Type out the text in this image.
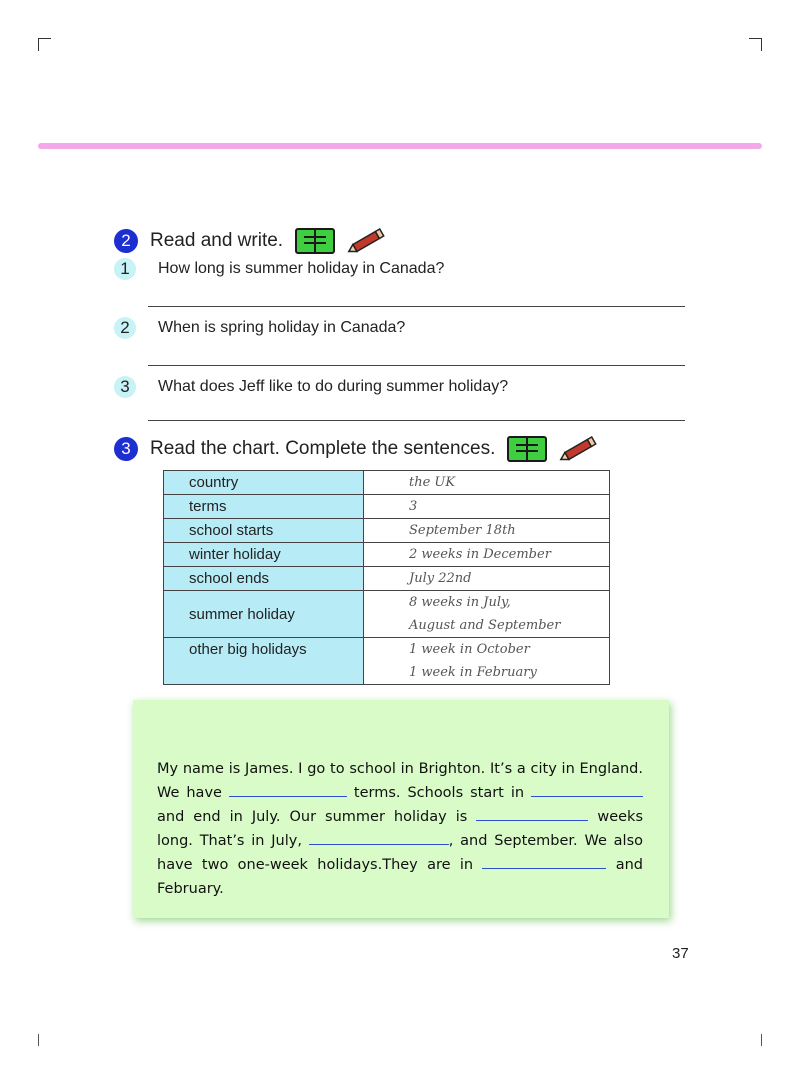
2	Read and write.
1	How long is summer holiday in Canada?
2	When is spring holiday in Canada?
3	What does Jeff like to do during summer holiday?
3	Read the chart. Complete the sentences.
country	the UK

terms	3

school starts	September 18th

winter holiday	2 weeks in December

school ends	July 22nd

summer holiday	8 weeks in July,
August and September

other big holidays	1 week in October
1 week in February
My name is James. I go to school in Brighton. It’s a city in England. We have	terms. Schools start in  and end in July. Our summer holiday is	weeks long. That’s in July,	, and September. We also have two one-week holidays.They are in	and February.
37
